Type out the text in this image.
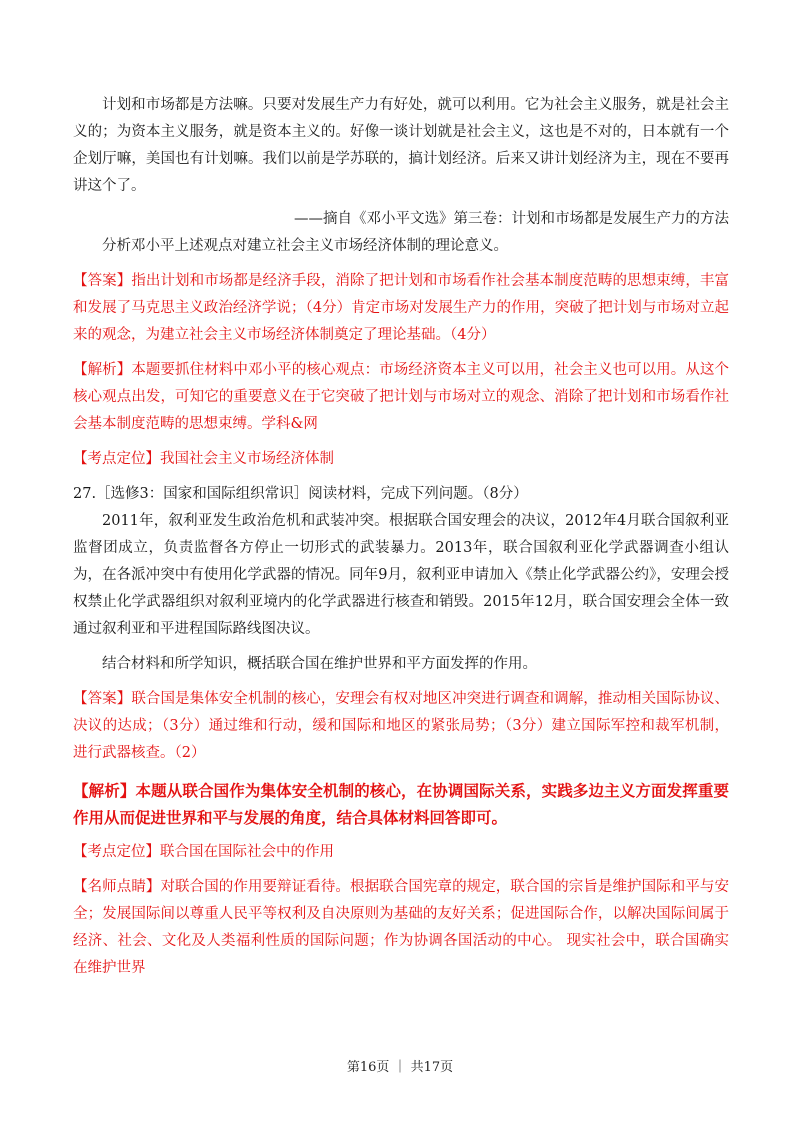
计划和市场都是方法嘛。只要对发展生产力有好处，就可以利用。它为社会主义服务，就是社会主义的；为资本主义服务，就是资本主义的。好像一谈计划就是社会主义，这也是不对的，日本就有一个企划厅嘛，美国也有计划嘛。我们以前是学苏联的，搞计划经济。后来又讲计划经济为主，现在不要再讲这个了。

——摘自《邓小平文选》第三卷：计划和市场都是发展生产力的方法

分析邓小平上述观点对建立社会主义市场经济体制的理论意义。

【答案】指出计划和市场都是经济手段，消除了把计划和市场看作社会基本制度范畴的思想束缚，丰富和发展了马克思主义政治经济学说；（4分）肯定市场对发展生产力的作用，突破了把计划与市场对立起来的观念，为建立社会主义市场经济体制奠定了理论基础。（4分）

【解析】本题要抓住材料中邓小平的核心观点：市场经济资本主义可以用，社会主义也可以用。从这个核心观点出发，可知它的重要意义在于它突破了把计划与市场对立的观念、消除了把计划和市场看作社会基本制度范畴的思想束缚。学科&网

【考点定位】我国社会主义市场经济体制

27.［选修3：国家和国际组织常识］阅读材料，完成下列问题。（8分）

2011年，叙利亚发生政治危机和武装冲突。根据联合国安理会的决议，2012年4月联合国叙利亚监督团成立，负责监督各方停止一切形式的武装暴力。2013年，联合国叙利亚化学武器调查小组认为，在各派冲突中有使用化学武器的情况。同年9月，叙利亚申请加入《禁止化学武器公约》，安理会授权禁止化学武器组织对叙利亚境内的化学武器进行核查和销毁。2015年12月，联合国安理会全体一致通过叙利亚和平进程国际路线图决议。

结合材料和所学知识，概括联合国在维护世界和平方面发挥的作用。

【答案】联合国是集体安全机制的核心，安理会有权对地区冲突进行调查和调解，推动相关国际协议、决议的达成；（3分）通过维和行动，缓和国际和地区的紧张局势；（3分）建立国际军控和裁军机制，进行武器核查。（2）

【解析】本题从联合国作为集体安全机制的核心，在协调国际关系，实践多边主义方面发挥重要作用从而促进世界和平与发展的角度，结合具体材料回答即可。

【考点定位】联合国在国际社会中的作用

【名师点睛】对联合国的作用要辩证看待。根据联合国宪章的规定，联合国的宗旨是维护国际和平与安全；发展国际间以尊重人民平等权利及自决原则为基础的友好关系；促进国际合作，以解决国际间属于经济、社会、文化及人类福利性质的国际问题；作为协调各国活动的中心。 现实社会中，联合国确实在维护世界

第16页 ｜ 共17页
